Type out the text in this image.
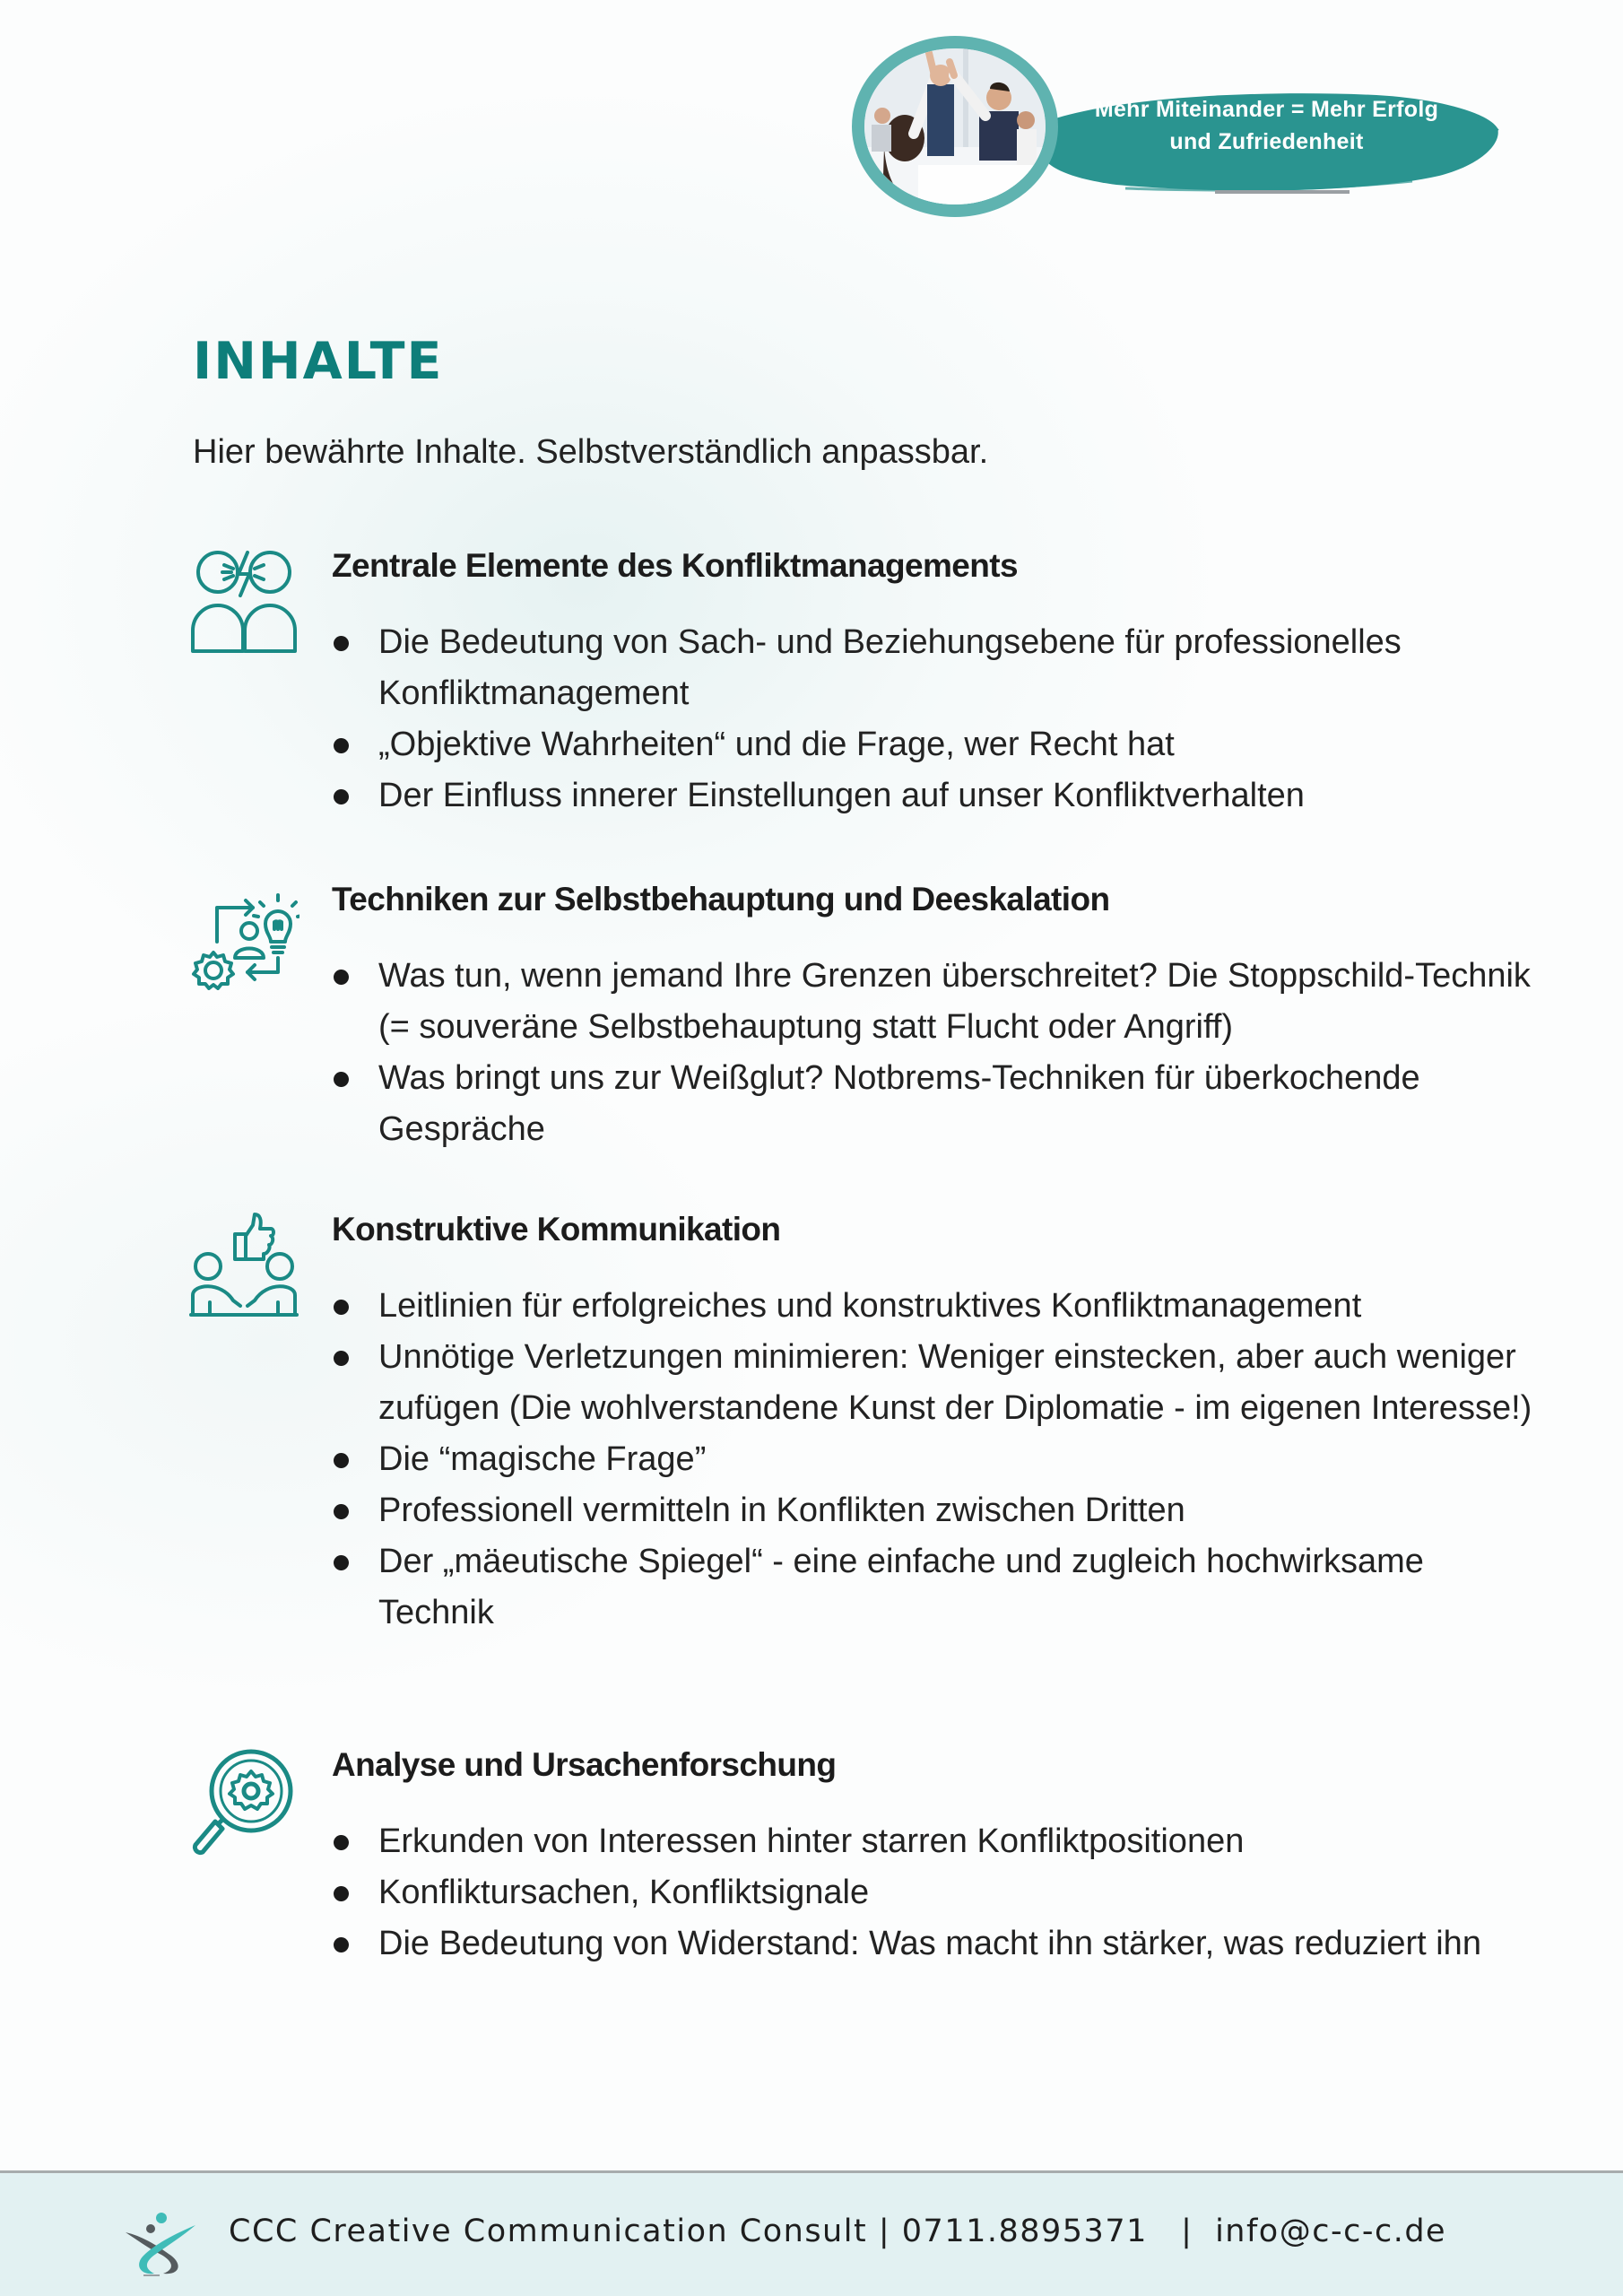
Mehr Miteinander = Mehr Erfolg
und Zufriedenheit
INHALTE

Hier bewährte Inhalte. Selbstverständlich anpassbar.

Zentrale Elemente des Konfliktmanagements
Die Bedeutung von Sach- und Beziehungsebene für professionelles Konfliktmanagement
„Objektive Wahrheiten“ und die Frage, wer Recht hat
Der Einfluss innerer Einstellungen auf unser Konfliktverhalten
Techniken zur Selbstbehauptung und Deeskalation
Was tun, wenn jemand Ihre Grenzen überschreitet? Die Stoppschild-Technik (= souveräne Selbstbehauptung statt Flucht oder Angriff)
Was bringt uns zur Weißglut? Notbrems-Techniken für überkochende Gespräche
Konstruktive Kommunikation
Leitlinien für erfolgreiches und konstruktives Konfliktmanagement
Unnötige Verletzungen minimieren: Weniger einstecken, aber auch weniger zufügen (Die wohlverstandene Kunst der Diplomatie - im eigenen Interesse!)
Die “magische Frage”
Professionell vermitteln in Konflikten zwischen Dritten
Der „mäeutische Spiegel“ - eine einfache und zugleich hochwirksame Technik
Analyse und Ursachenforschung
Erkunden von Interessen hinter starren Konfliktpositionen
Konfliktursachen, Konfliktsignale
Die Bedeutung von Widerstand: Was macht ihn stärker, was reduziert ihn
CCC Creative Communication Consult | 0711.8895371 | info@c-c-c.de
